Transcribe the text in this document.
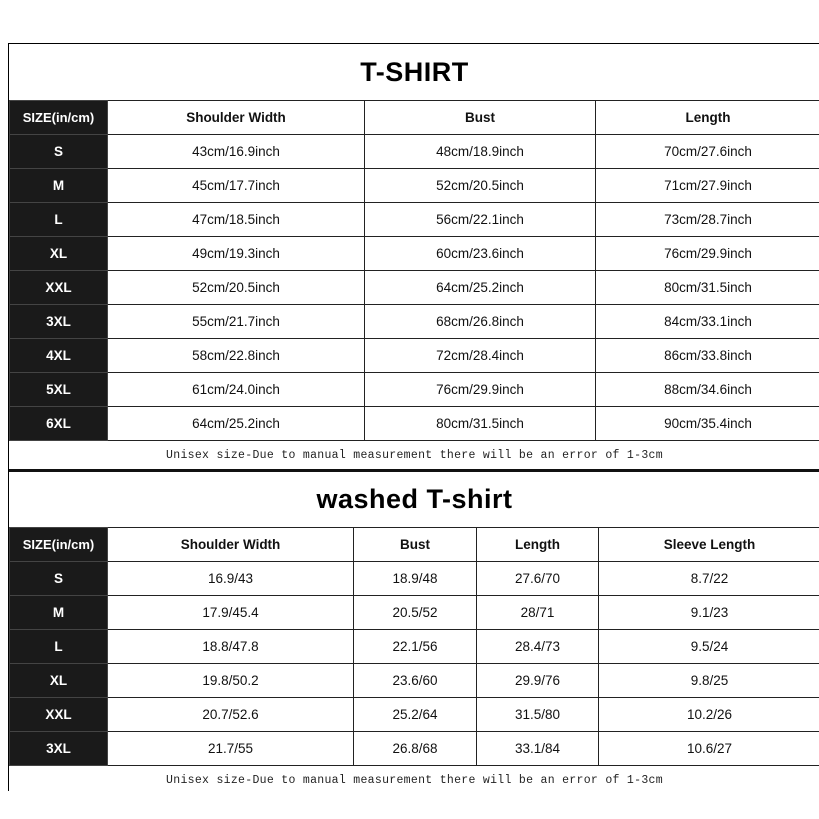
T-SHIRT
SIZE(in/cm)	Shoulder Width	Bust	Length
S	43cm/16.9inch	48cm/18.9inch	70cm/27.6inch
M	45cm/17.7inch	52cm/20.5inch	71cm/27.9inch
L	47cm/18.5inch	56cm/22.1inch	73cm/28.7inch
XL	49cm/19.3inch	60cm/23.6inch	76cm/29.9inch
XXL	52cm/20.5inch	64cm/25.2inch	80cm/31.5inch
3XL	55cm/21.7inch	68cm/26.8inch	84cm/33.1inch
4XL	58cm/22.8inch	72cm/28.4inch	86cm/33.8inch
5XL	61cm/24.0inch	76cm/29.9inch	88cm/34.6inch
6XL	64cm/25.2inch	80cm/31.5inch	90cm/35.4inch
Unisex size-Due to manual measurement there will be an error of 1-3cm
washed T-shirt
SIZE(in/cm)	Shoulder Width	Bust	Length	Sleeve Length
S	16.9/43	18.9/48	27.6/70	8.7/22
M	17.9/45.4	20.5/52	28/71	9.1/23
L	18.8/47.8	22.1/56	28.4/73	9.5/24
XL	19.8/50.2	23.6/60	29.9/76	9.8/25
XXL	20.7/52.6	25.2/64	31.5/80	10.2/26
3XL	21.7/55	26.8/68	33.1/84	10.6/27
Unisex size-Due to manual measurement there will be an error of 1-3cm
